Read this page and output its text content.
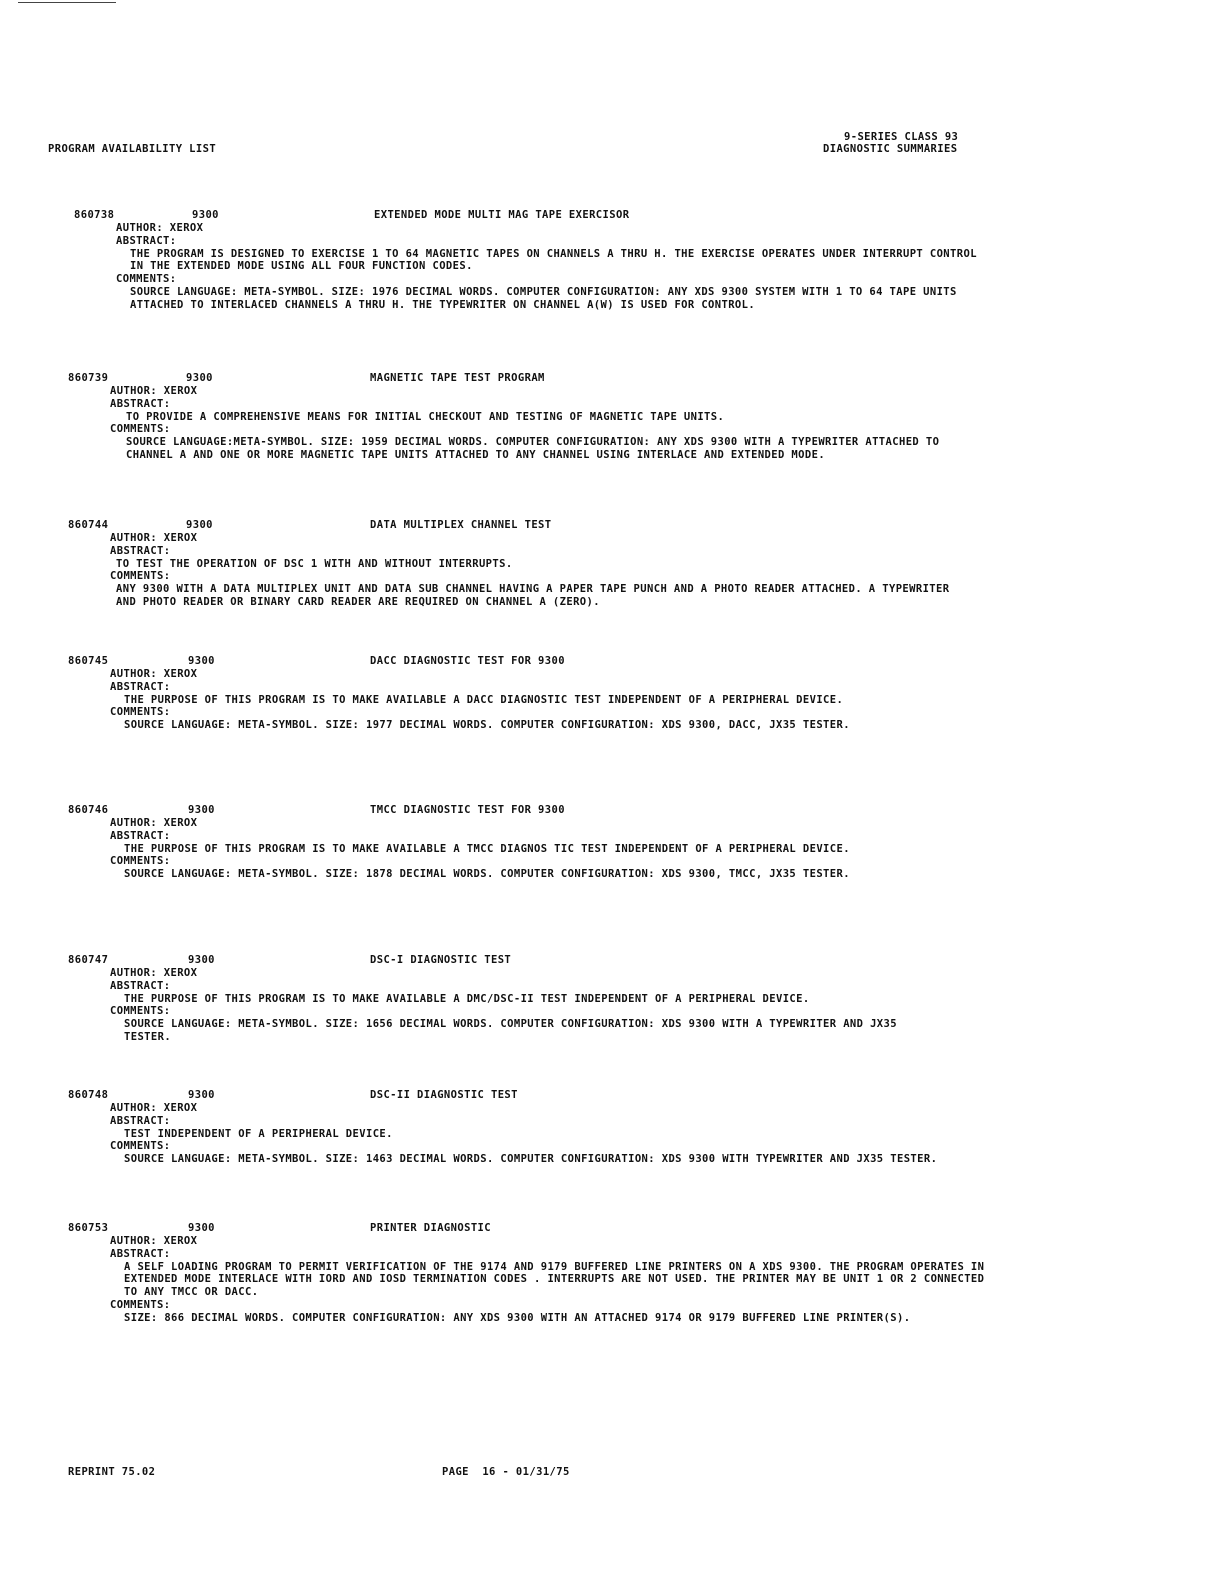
PROGRAM AVAILABILITY LIST
9-SERIES CLASS 93
DIAGNOSTIC SUMMARIES
860738	9300	EXTENDED MODE MULTI MAG TAPE EXERCISOR
AUTHOR: XEROX
ABSTRACT:
THE PROGRAM IS DESIGNED TO EXERCISE 1 TO 64 MAGNETIC TAPES ON CHANNELS A THRU H. THE EXERCISE OPERATES UNDER INTERRUPT CONTROL IN THE EXTENDED MODE USING ALL FOUR FUNCTION CODES.
COMMENTS:
SOURCE LANGUAGE: META-SYMBOL. SIZE: 1976 DECIMAL WORDS. COMPUTER CONFIGURATION: ANY XDS 9300 SYSTEM WITH 1 TO 64 TAPE UNITS ATTACHED TO INTERLACED CHANNELS A THRU H. THE TYPEWRITER ON CHANNEL A(W) IS USED FOR CONTROL.
860739	9300	MAGNETIC TAPE TEST PROGRAM
AUTHOR: XEROX
ABSTRACT:
TO PROVIDE A COMPREHENSIVE MEANS FOR INITIAL CHECKOUT AND TESTING OF MAGNETIC TAPE UNITS.
COMMENTS:
SOURCE LANGUAGE:META-SYMBOL. SIZE: 1959 DECIMAL WORDS. COMPUTER CONFIGURATION: ANY XDS 9300 WITH A TYPEWRITER ATTACHED TO CHANNEL A AND ONE OR MORE MAGNETIC TAPE UNITS ATTACHED TO ANY CHANNEL USING INTERLACE AND EXTENDED MODE.
860744	9300	DATA MULTIPLEX CHANNEL TEST
AUTHOR: XEROX
ABSTRACT:
TO TEST THE OPERATION OF DSC 1 WITH AND WITHOUT INTERRUPTS.
COMMENTS:
ANY 9300 WITH A DATA MULTIPLEX UNIT AND DATA SUB CHANNEL HAVING A PAPER TAPE PUNCH AND A PHOTO READER ATTACHED. A TYPEWRITER AND PHOTO READER OR BINARY CARD READER ARE REQUIRED ON CHANNEL A (ZERO).
860745	9300	DACC DIAGNOSTIC TEST FOR 9300
AUTHOR: XEROX
ABSTRACT:
THE PURPOSE OF THIS PROGRAM IS TO MAKE AVAILABLE A DACC DIAGNOSTIC TEST INDEPENDENT OF A PERIPHERAL DEVICE.
COMMENTS:
SOURCE LANGUAGE: META-SYMBOL. SIZE: 1977 DECIMAL WORDS. COMPUTER CONFIGURATION: XDS 9300, DACC, JX35 TESTER.
860746	9300	TMCC DIAGNOSTIC TEST FOR 9300
AUTHOR: XEROX
ABSTRACT:
THE PURPOSE OF THIS PROGRAM IS TO MAKE AVAILABLE A TMCC DIAGNOS TIC TEST INDEPENDENT OF A PERIPHERAL DEVICE.
COMMENTS:
SOURCE LANGUAGE: META-SYMBOL. SIZE: 1878 DECIMAL WORDS. COMPUTER CONFIGURATION: XDS 9300, TMCC, JX35 TESTER.
860747	9300	DSC-I DIAGNOSTIC TEST
AUTHOR: XEROX
ABSTRACT:
THE PURPOSE OF THIS PROGRAM IS TO MAKE AVAILABLE A DMC/DSC-II TEST INDEPENDENT OF A PERIPHERAL DEVICE.
COMMENTS:
SOURCE LANGUAGE: META-SYMBOL. SIZE: 1656 DECIMAL WORDS. COMPUTER CONFIGURATION: XDS 9300 WITH A TYPEWRITER AND JX35 TESTER.
860748	9300	DSC-II DIAGNOSTIC TEST
AUTHOR: XEROX
ABSTRACT:
TEST INDEPENDENT OF A PERIPHERAL DEVICE.
COMMENTS:
SOURCE LANGUAGE: META-SYMBOL. SIZE: 1463 DECIMAL WORDS. COMPUTER CONFIGURATION: XDS 9300 WITH TYPEWRITER AND JX35 TESTER.
860753	9300	PRINTER DIAGNOSTIC
AUTHOR: XEROX
ABSTRACT:
A SELF LOADING PROGRAM TO PERMIT VERIFICATION OF THE 9174 AND 9179 BUFFERED LINE PRINTERS ON A XDS 9300. THE PROGRAM OPERATES IN EXTENDED MODE INTERLACE WITH IORD AND IOSD TERMINATION CODES . INTERRUPTS ARE NOT USED. THE PRINTER MAY BE UNIT 1 OR 2 CONNECTED TO ANY TMCC OR DACC.
COMMENTS:
SIZE: 866 DECIMAL WORDS. COMPUTER CONFIGURATION: ANY XDS 9300 WITH AN ATTACHED 9174 OR 9179 BUFFERED LINE PRINTER(S).
REPRINT 75.02	PAGE  16 - 01/31/75
